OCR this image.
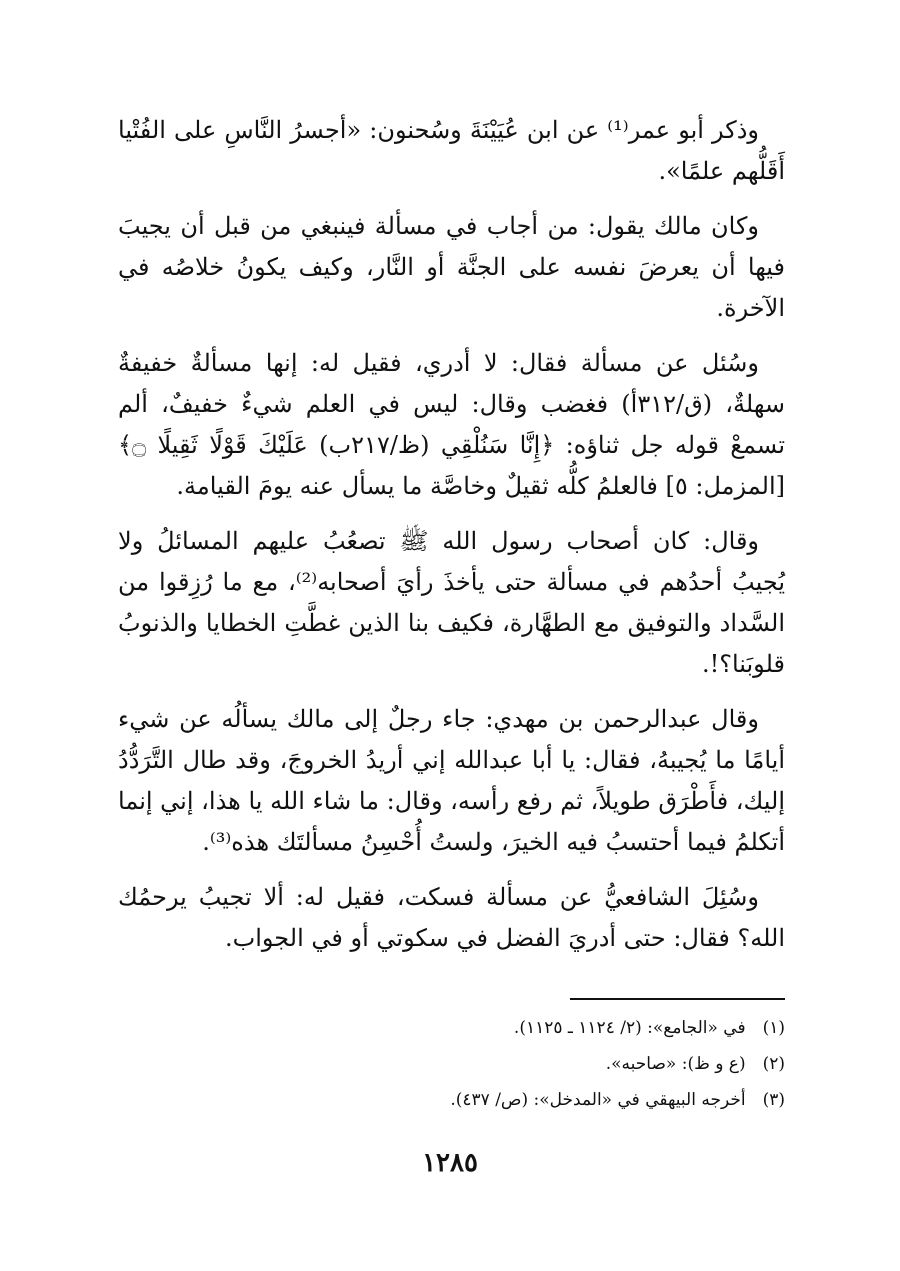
وذكر أبو عمر⁽¹⁾ عن ابن عُيَيْنَةَ وسُحنون: «أجسرُ النَّاسِ على الفُتْيا أَقَلُّهم علمًا».

وكان مالك يقول: من أجاب في مسألة فينبغي من قبل أن يجيبَ فيها أن يعرضَ نفسه على الجنَّة أو النَّار، وكيف يكونُ خلاصُه في الآخرة.

وسُئل عن مسألة فقال: لا أدري، فقيل له: إنها مسألةٌ خفيفةٌ سهلةٌ، (ق/٣١٢أ) فغضب وقال: ليس في العلم شيءٌ خفيفٌ، ألم تسمعْ قوله جل ثناؤه: ﴿إِنَّا سَنُلْقِي (ظ/٢١٧ب) عَلَيْكَ قَوْلًا ثَقِيلًا ۝﴾ [المزمل: ٥] فالعلمُ كلُّه ثقيلٌ وخاصَّة ما يسأل عنه يومَ القيامة.

وقال: كان أصحاب رسول الله ﷺ تصعُبُ عليهم المسائلُ ولا يُجيبُ أحدُهم في مسألة حتى يأخذَ رأيَ أصحابه⁽²⁾، مع ما رُزِقوا من السَّداد والتوفيق مع الطهَّارة، فكيف بنا الذين غطَّتِ الخطايا والذنوبُ قلوبَنا؟!.

وقال عبدالرحمن بن مهدي: جاء رجلٌ إلى مالك يسألُه عن شيء أيامًا ما يُجيبهُ، فقال: يا أبا عبدالله إني أريدُ الخروجَ، وقد طال التَّرَدُّدُ إليك، فأَطْرَق طويلاً، ثم رفع رأسه، وقال: ما شاء الله يا هذا، إني إنما أتكلمُ فيما أحتسبُ فيه الخيرَ، ولستُ أُحْسِنُ مسألتَك هذه⁽³⁾.

وسُئِلَ الشافعيُّ عن مسألة فسكت، فقيل له: ألا تجيبُ يرحمُك الله؟ فقال: حتى أدريَ الفضل في سكوتي أو في الجواب.

(١) في «الجامع»: (٢/ ١١٢٤ ـ ١١٢٥).
(٢) (ع و ظ): «صاحبه».
(٣) أخرجه البيهقي في «المدخل»: (ص/ ٤٣٧).
١٢٨٥
